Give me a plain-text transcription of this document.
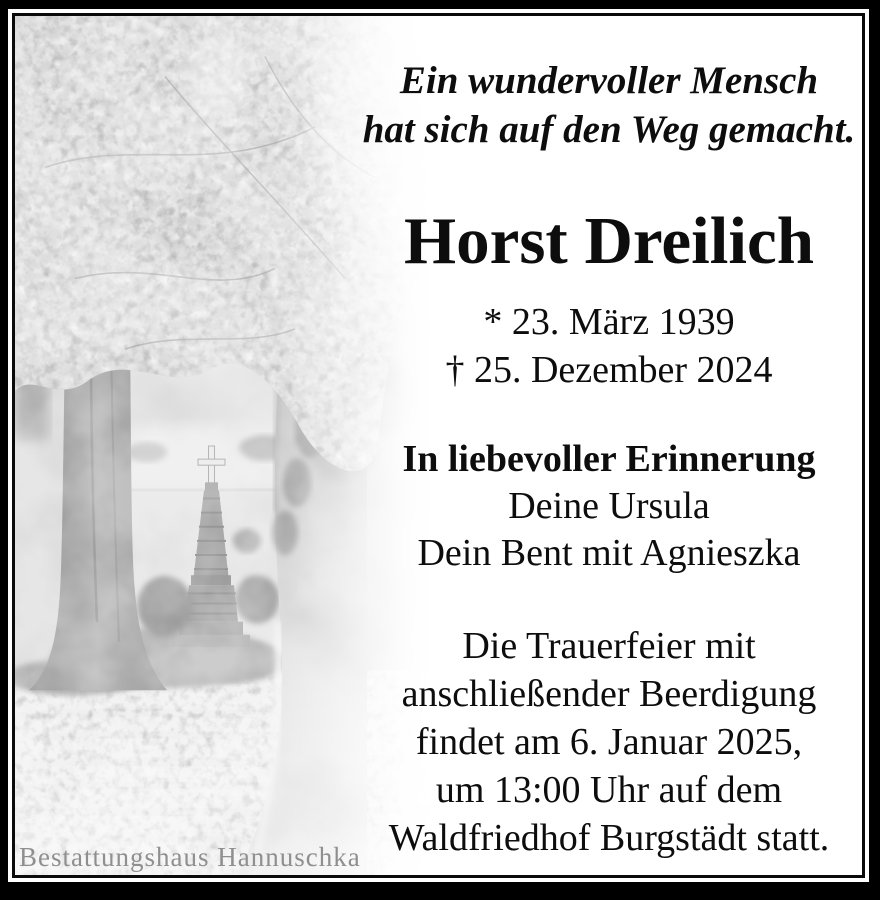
Ein wundervoller Mensch
hat sich auf den Weg gemacht.
Horst Dreilich
* 23. März 1939
† 25. Dezember 2024
In liebevoller Erinnerung
Deine Ursula
Dein Bent mit Agnieszka
Die Trauerfeier mit
anschließender Beerdigung
findet am 6. Januar 2025,
um 13:00 Uhr auf dem
Waldfriedhof Burgstädt statt.
Bestattungshaus Hannuschka
